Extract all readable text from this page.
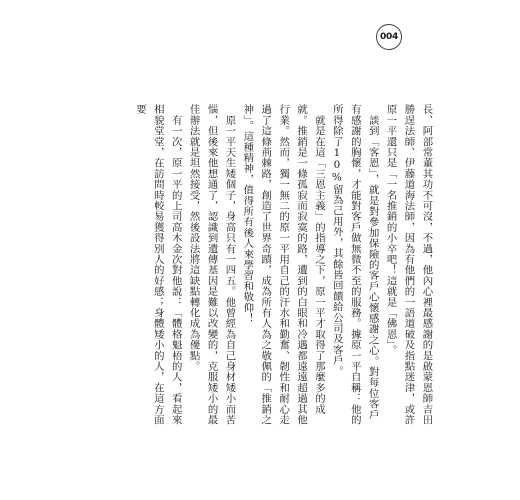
004

長、阿部常董其功不可沒，不過，他內心裡最感謝的是啟蒙恩師吉田勝逞法師、伊藤道海法師，因為有他們的一語道破及指點迷津，或許原一平還只是「一名推銷的小卒吧！這就是「佛恩」。

談到「客恩」，就是對參加保險的客戶心懷感謝之心。對每位客戶有感謝的胸懷，才能對客戶做無微不至的服務。據原一平自稱：他的所得除了10%留為己用外，其餘皆回饋給公司及客戶。

就是在這「三恩主義」的指導之下，原一平才取得了那麼多的成就。推銷是一條孤寂而寂寞的路，遭到的白眼和冷遇都遠遠超過其他行業。然而，獨一無二的原一平用自己的汗水和勤奮、韌性和耐心走過了這條荊棘路，創造了世界奇蹟，成為所有人為之敬佩的「推銷之神」。這種精神，值得所有後人來學習和敬仰！

原一平天生矮個子，身高只有一四五。他曾經為自己身材矮小而苦惱，但後來他想通了，認識到遺傳基因是難以改變的，克服矮小的最佳辦法就是坦然接受，然後設法將這缺點轉化成為優點。

有一次，原一平的上司高木金次對他說：「體格魁梧的人，看起來相貌堂堂，在訪問時較易獲得別人的好感；身體矮小的人，在這方面要
